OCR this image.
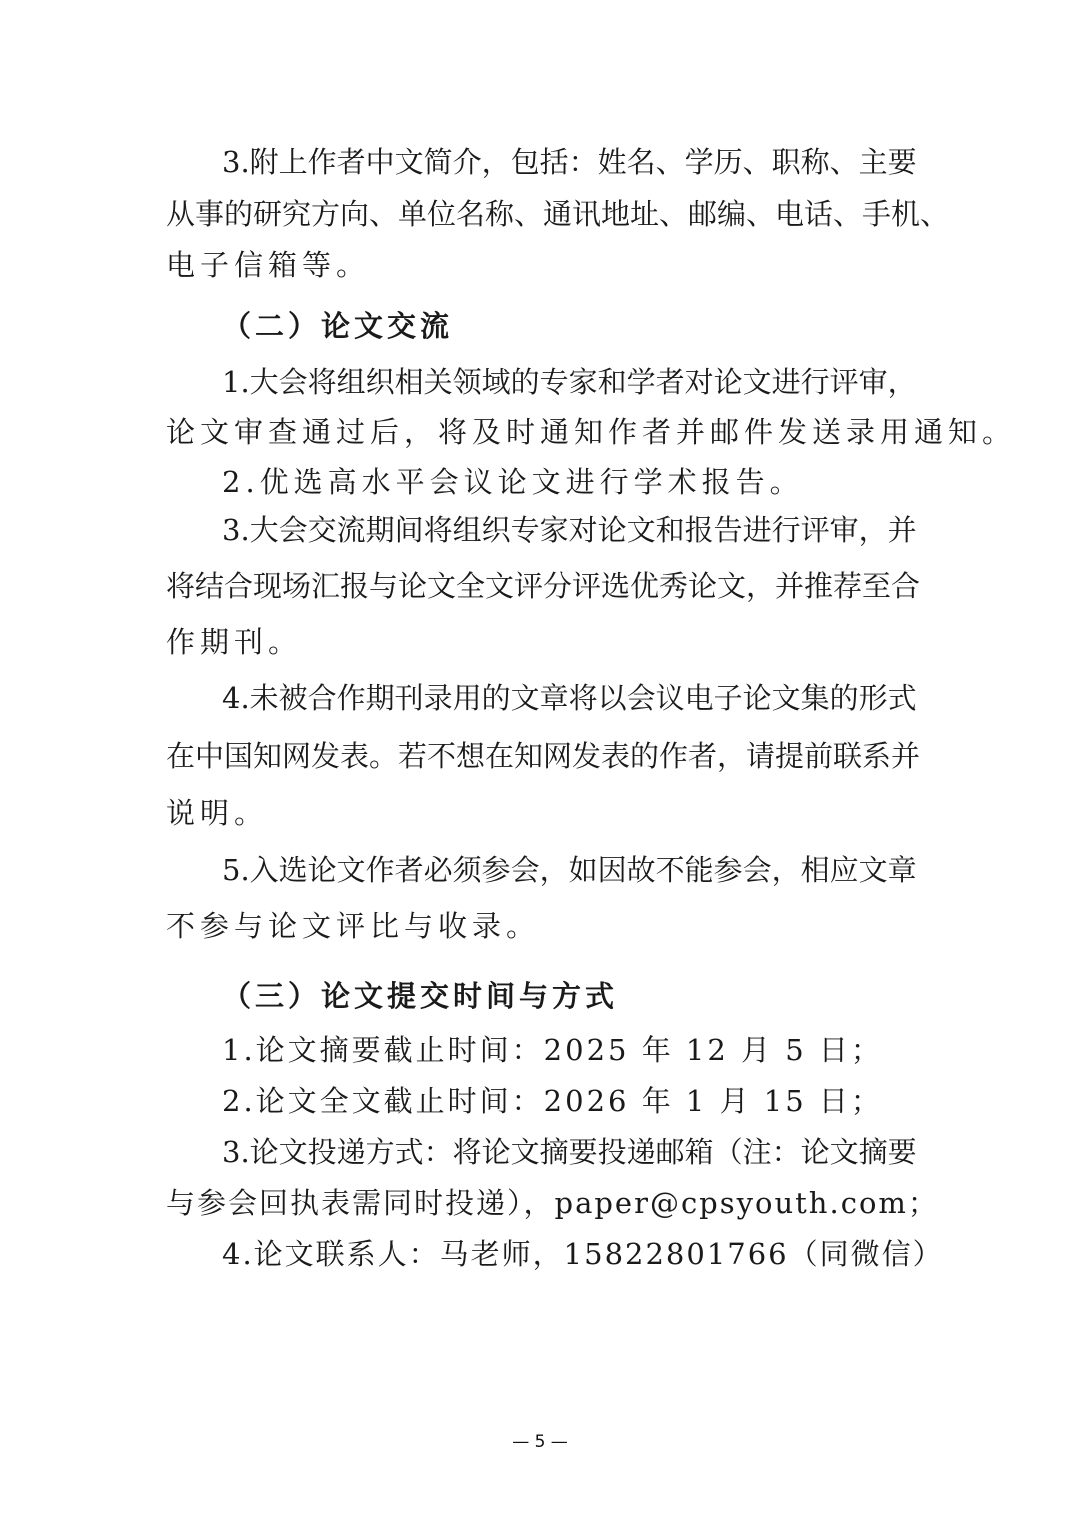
3.附上作者中文简介，包括：姓名、学历、职称、主要
从事的研究方向、单位名称、通讯地址、邮编、电话、手机、
电子信箱等。
（二）论文交流
1.大会将组织相关领域的专家和学者对论文进行评审，
论文审查通过后，将及时通知作者并邮件发送录用通知。
2.优选高水平会议论文进行学术报告。
3.大会交流期间将组织专家对论文和报告进行评审，并
将结合现场汇报与论文全文评分评选优秀论文，并推荐至合
作期刊。
4.未被合作期刊录用的文章将以会议电子论文集的形式
在中国知网发表。若不想在知网发表的作者，请提前联系并
说明。
5.入选论文作者必须参会，如因故不能参会，相应文章
不参与论文评比与收录。
（三）论文提交时间与方式
1.论文摘要截止时间：2025 年 12 月 5 日；
2.论文全文截止时间：2026 年 1 月 15 日；
3.论文投递方式：将论文摘要投递邮箱（注：论文摘要
与参会回执表需同时投递），paper@cpsyouth.com；
4.论文联系人：马老师，15822801766（同微信）
— 5 —
